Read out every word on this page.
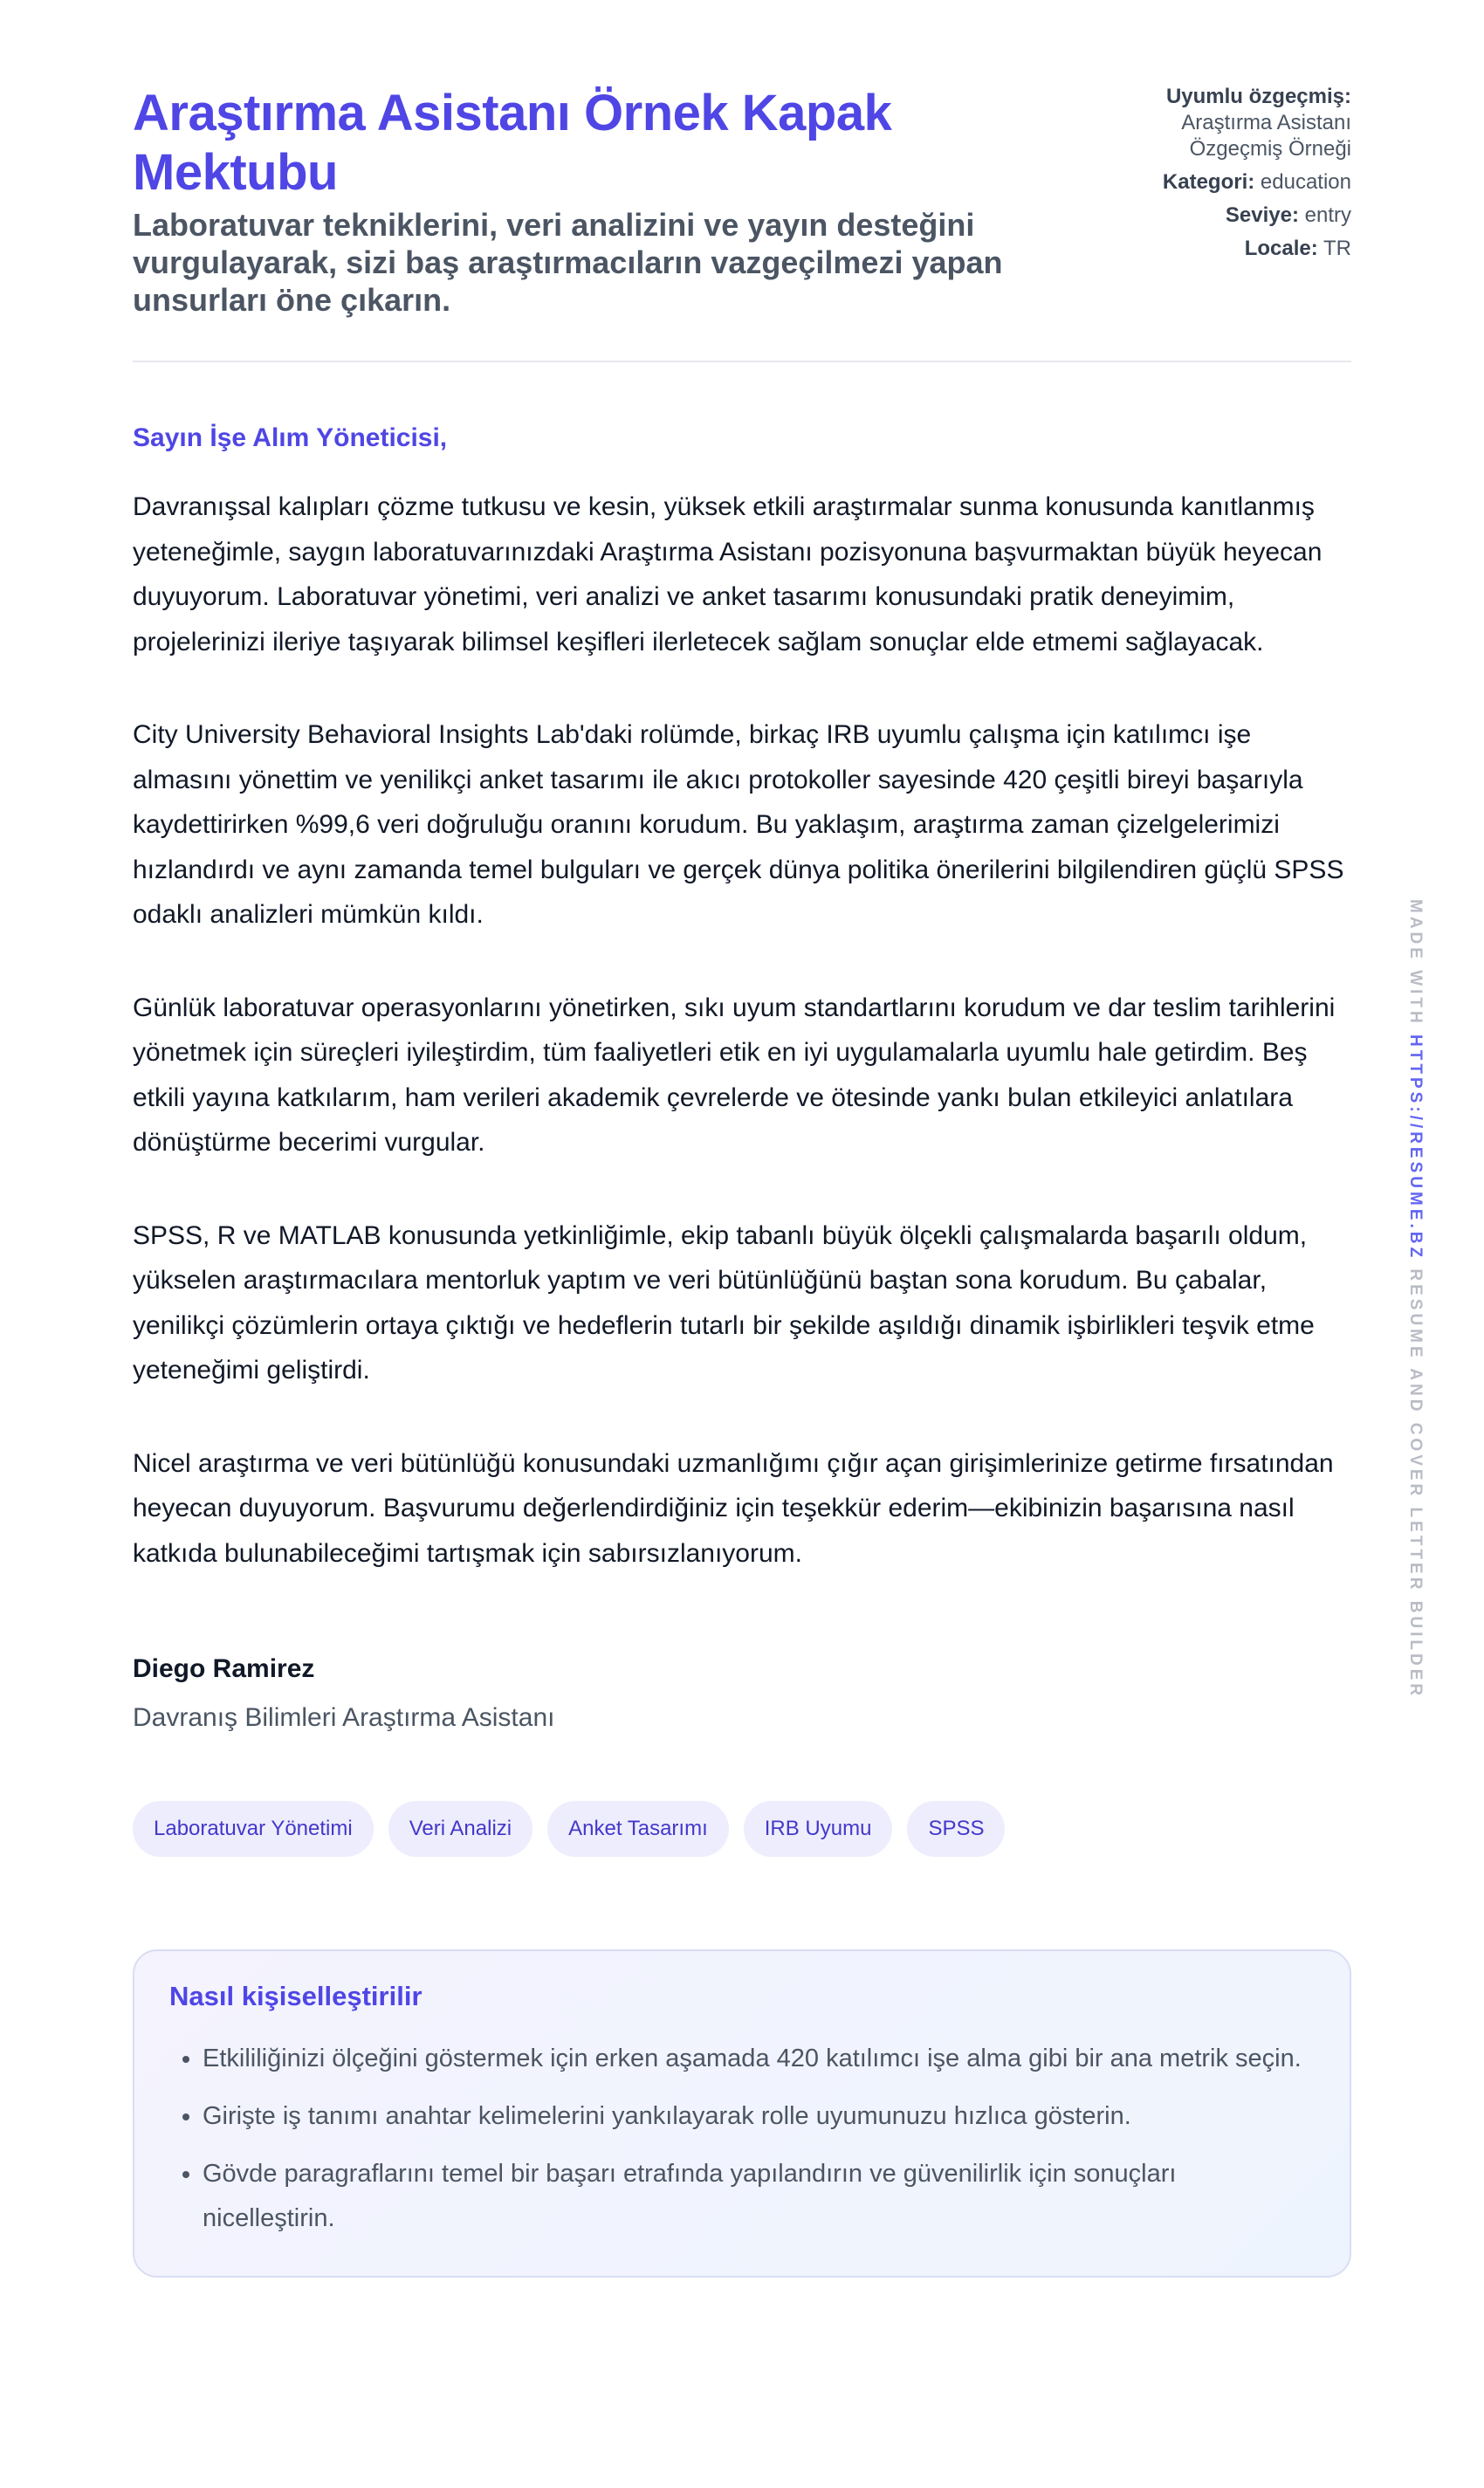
Araştırma Asistanı Örnek Kapak Mektubu
Laboratuvar tekniklerini, veri analizini ve yayın desteğini vurgulayarak, sizi baş araştırmacıların vazgeçilmezi yapan unsurları öne çıkarın.
Uyumlu özgeçmiş:
Araştırma Asistanı Özgeçmiş Örneği
Kategori: education
Seviye: entry
Locale: TR
Sayın İşe Alım Yöneticisi,

Davranışsal kalıpları çözme tutkusu ve kesin, yüksek etkili araştırmalar sunma konusunda kanıtlanmış yeteneğimle, saygın laboratuvarınızdaki Araştırma Asistanı pozisyonuna başvurmaktan büyük heyecan duyuyorum. Laboratuvar yönetimi, veri analizi ve anket tasarımı konusundaki pratik deneyimim, projelerinizi ileriye taşıyarak bilimsel keşifleri ilerletecek sağlam sonuçlar elde etmemi sağlayacak.

City University Behavioral Insights Lab'daki rolümde, birkaç IRB uyumlu çalışma için katılımcı işe almasını yönettim ve yenilikçi anket tasarımı ile akıcı protokoller sayesinde 420 çeşitli bireyi başarıyla kaydettirirken %99,6 veri doğruluğu oranını korudum. Bu yaklaşım, araştırma zaman çizelgelerimizi hızlandırdı ve aynı zamanda temel bulguları ve gerçek dünya politika önerilerini bilgilendiren güçlü SPSS odaklı analizleri mümkün kıldı.

Günlük laboratuvar operasyonlarını yönetirken, sıkı uyum standartlarını korudum ve dar teslim tarihlerini yönetmek için süreçleri iyileştirdim, tüm faaliyetleri etik en iyi uygulamalarla uyumlu hale getirdim. Beş etkili yayına katkılarım, ham verileri akademik çevrelerde ve ötesinde yankı bulan etkileyici anlatılara dönüştürme becerimi vurgular.

SPSS, R ve MATLAB konusunda yetkinliğimle, ekip tabanlı büyük ölçekli çalışmalarda başarılı oldum, yükselen araştırmacılara mentorluk yaptım ve veri bütünlüğünü baştan sona korudum. Bu çabalar, yenilikçi çözümlerin ortaya çıktığı ve hedeflerin tutarlı bir şekilde aşıldığı dinamik işbirlikleri teşvik etme yeteneğimi geliştirdi.

Nicel araştırma ve veri bütünlüğü konusundaki uzmanlığımı çığır açan girişimlerinize getirme fırsatından heyecan duyuyorum. Başvurumu değerlendirdiğiniz için teşekkür ederim—ekibinizin başarısına nasıl katkıda bulunabileceğimi tartışmak için sabırsızlanıyorum.

Diego Ramirez
Davranış Bilimleri Araştırma Asistanı
Laboratuvar Yönetimi	Veri Analizi	Anket Tasarımı	IRB Uyumu	SPSS
Nasıl kişiselleştirilir
• Etkililiğinizi ölçeğini göstermek için erken aşamada 420 katılımcı işe alma gibi bir ana metrik seçin.
• Girişte iş tanımı anahtar kelimelerini yankılayarak rolle uyumunuzu hızlıca gösterin.
• Gövde paragraflarını temel bir başarı etrafında yapılandırın ve güvenilirlik için sonuçları nicelleştirin.
MADE WITH HTTPS://RESUME.BZ RESUME AND COVER LETTER BUILDER
